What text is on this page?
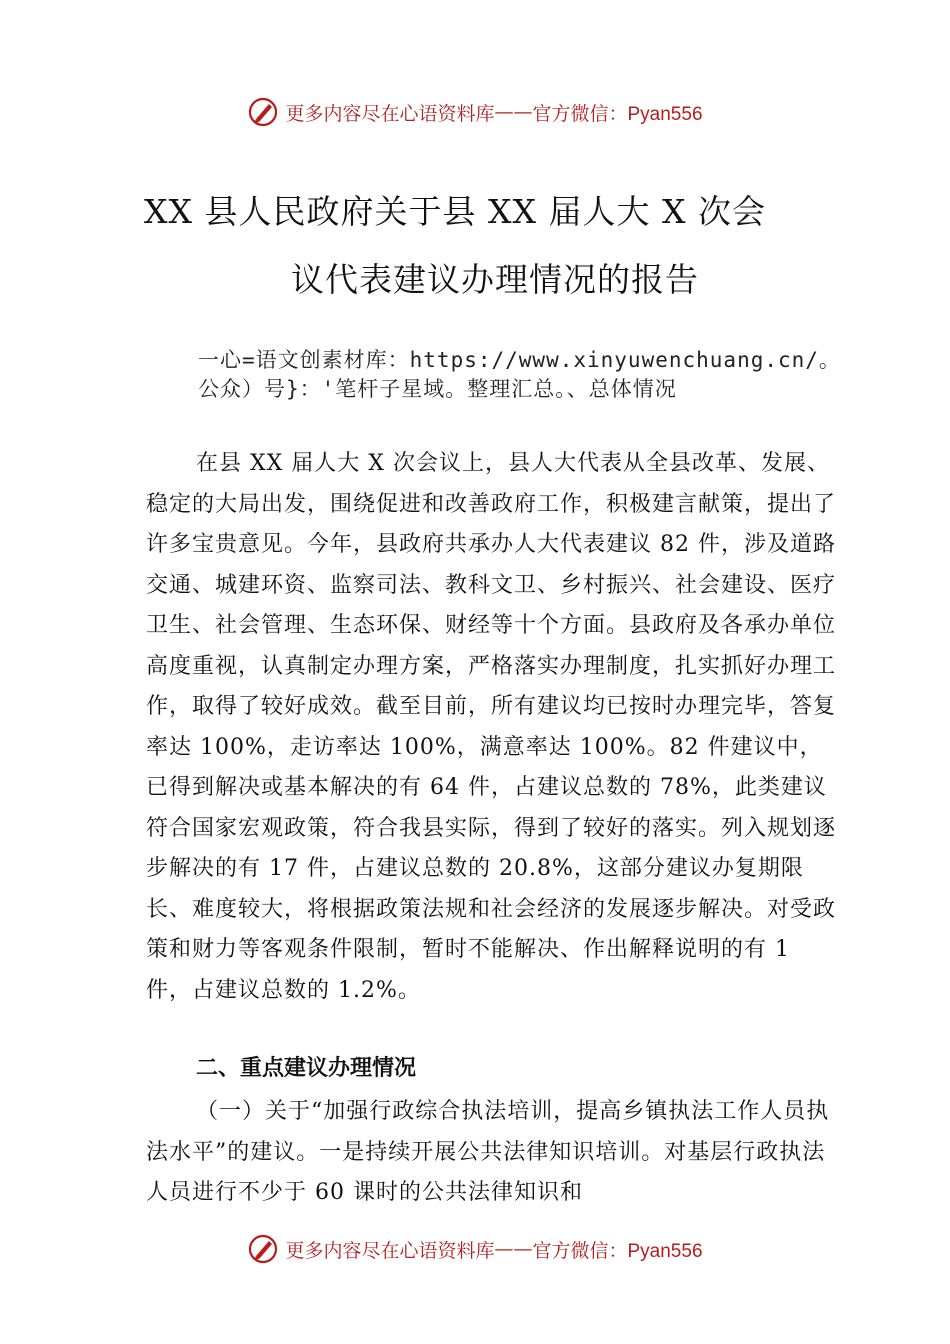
更多内容尽在心语资料库 —— 官方微信：Pyan556
XX 县人民政府关于县 XX 届人大 X 次会
议代表建议办理情况的报告
一心=语文创素材库：https://www.xinyuwenchuang.cn/。公众）号}：'笔杆子星域。整理汇总。、总体情况
在县 XX 届人大 X 次会议上，县人大代表从全县改革、发展、稳定的大局出发，围绕促进和改善政府工作，积极建言献策，提出了许多宝贵意见。今年，县政府共承办人大代表建议 82 件，涉及道路交通、城建环资、监察司法、教科文卫、乡村振兴、社会建设、医疗卫生、社会管理、生态环保、财经等十个方面。县政府及各承办单位高度重视，认真制定办理方案，严格落实办理制度，扎实抓好办理工作，取得了较好成效。截至目前，所有建议均已按时办理完毕，答复率达 100%，走访率达 100%，满意率达 100%。82 件建议中， 已得到解决或基本解决的有 64 件，占建议总数的 78%，此类建议符合国家宏观政策，符合我县实际，得到了较好的落实。列入规划逐步解决的有 17 件，占建议总数的 20.8%，这部分建议办复期限长、难度较大，将根据政策法规和社会经济的发展逐步解决。对受政策和财力等客观条件限制，暂时不能解决、作出解释说明的有 1 件，占建议总数的 1.2%。
二、重点建议办理情况
（一）关于“加强行政综合执法培训，提高乡镇执法工作人员执法水平”的建议。一是持续开展公共法律知识培训。对基层行政执法人员进行不少于 60 课时的公共法律知识和
更多内容尽在心语资料库 —— 官方微信：Pyan556
